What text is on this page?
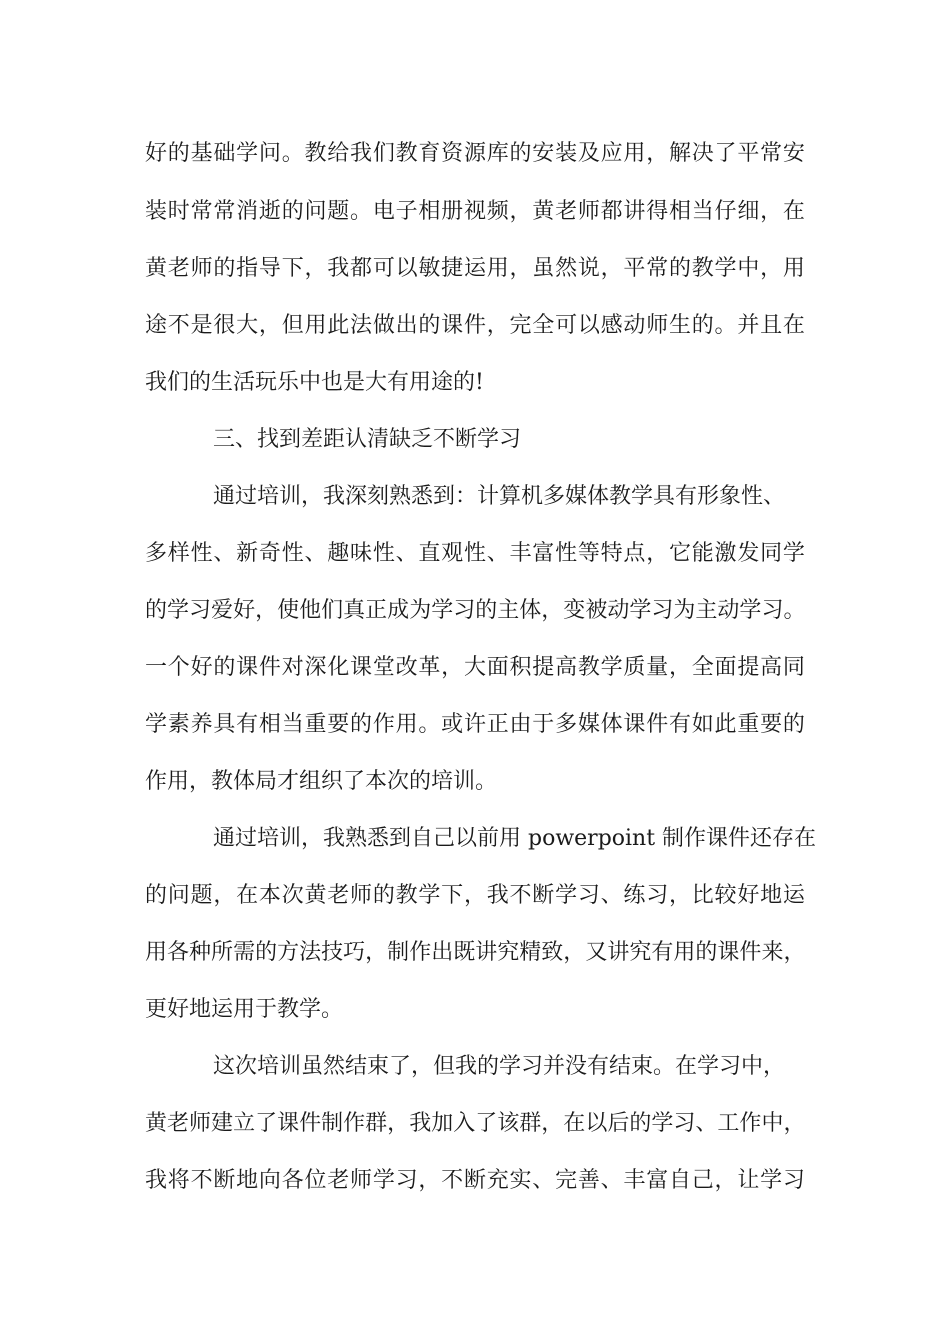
好 的 基 础 学 问 。 教 给 我 们 教 育 资 源 库 的 安 装 及 应 用 ， 解 决 了 平 常 安
装 时 常 常 消 逝 的 问 题 。 电 子 相 册 视 频 ， 黄 老 师 都 讲 得 相 当 仔 细 ， 在
黄 老 师 的 指 导 下 ， 我 都 可 以 敏 捷 运 用 ， 虽 然 说 ， 平 常 的 教 学 中 ， 用
途 不 是 很 大 ， 但 用 此 法 做 出 的 课 件 ， 完 全 可 以 感 动 师 生 的 。 并 且 在
我们的生活玩乐中也是大有用途的!
三、找到差距认清缺乏不断学习
通过培训，我深刻熟悉到：计算机多媒体教学具有形象性、
多 样 性 、 新 奇 性 、 趣 味 性 、 直 观 性 、 丰 富 性 等 特 点 ， 它 能 激 发 同 学
的 学 习 爱 好 ， 使 他 们 真 正 成 为 学 习 的 主 体 ， 变 被 动 学 习 为 主 动 学 习 。
一 个 好 的 课 件 对 深 化 课 堂 改 革 ， 大 面 积 提 高 教 学 质 量 ， 全 面 提 高 同
学 素 养 具 有 相 当 重 要 的 作 用 。 或 许 正 由 于 多 媒 体 课 件 有 如 此 重 要 的
作用，教体局才组织了本次的培训。
通过培训，我熟悉到自己以前用 powerpoint 制作课件还存在
的 问 题 ， 在 本 次 黄 老 师 的 教 学 下 ， 我 不 断 学 习 、 练 习 ， 比 较 好 地 运
用 各 种 所 需 的 方 法 技 巧 ， 制 作 出 既 讲 究 精 致 ， 又 讲 究 有 用 的 课 件 来 ，
更好地运用于教学。
这次培训虽然结束了，但我的学习并没有结束。在学习中，
黄 老 师 建 立 了 课 件 制 作 群 ， 我 加 入 了 该 群 ， 在 以 后 的 学 习 、 工 作 中 ，
我 将 不 断 地 向 各 位 老 师 学 习 ， 不 断 充 实 、 完 善 、 丰 富 自 己 ， 让 学 习
